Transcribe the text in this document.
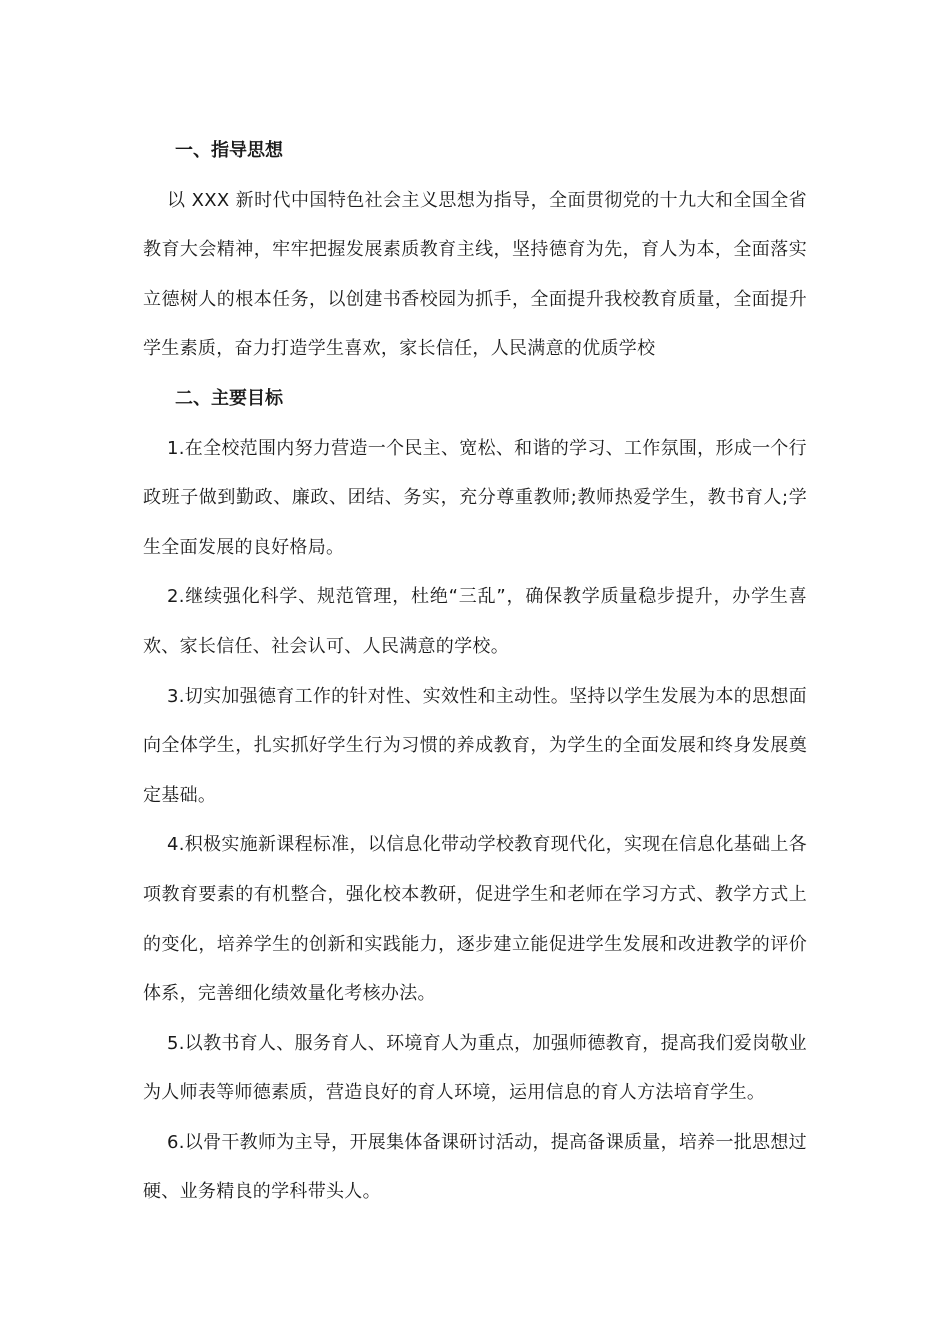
一、指导思想

以 XXX 新时代中国特色社会主义思想为指导，全面贯彻党的十九大和全国全省教育大会精神，牢牢把握发展素质教育主线，坚持德育为先，育人为本，全面落实立德树人的根本任务，以创建书香校园为抓手，全面提升我校教育质量，全面提升学生素质，奋力打造学生喜欢，家长信任，人民满意的优质学校

二、主要目标

1.在全校范围内努力营造一个民主、宽松、和谐的学习、工作氛围，形成一个行政班子做到勤政、廉政、团结、务实，充分尊重教师;教师热爱学生，教书育人;学生全面发展的良好格局。

2.继续强化科学、规范管理，杜绝“三乱”，确保教学质量稳步提升，办学生喜欢、家长信任、社会认可、人民满意的学校。

3.切实加强德育工作的针对性、实效性和主动性。坚持以学生发展为本的思想面向全体学生，扎实抓好学生行为习惯的养成教育，为学生的全面发展和终身发展奠定基础。

4.积极实施新课程标准，以信息化带动学校教育现代化，实现在信息化基础上各项教育要素的有机整合，强化校本教研，促进学生和老师在学习方式、教学方式上的变化，培养学生的创新和实践能力，逐步建立能促进学生发展和改进教学的评价体系，完善细化绩效量化考核办法。

5.以教书育人、服务育人、环境育人为重点，加强师德教育，提高我们爱岗敬业为人师表等师德素质，营造良好的育人环境，运用信息的育人方法培育学生。

6.以骨干教师为主导，开展集体备课研讨活动，提高备课质量，培养一批思想过硬、业务精良的学科带头人。
